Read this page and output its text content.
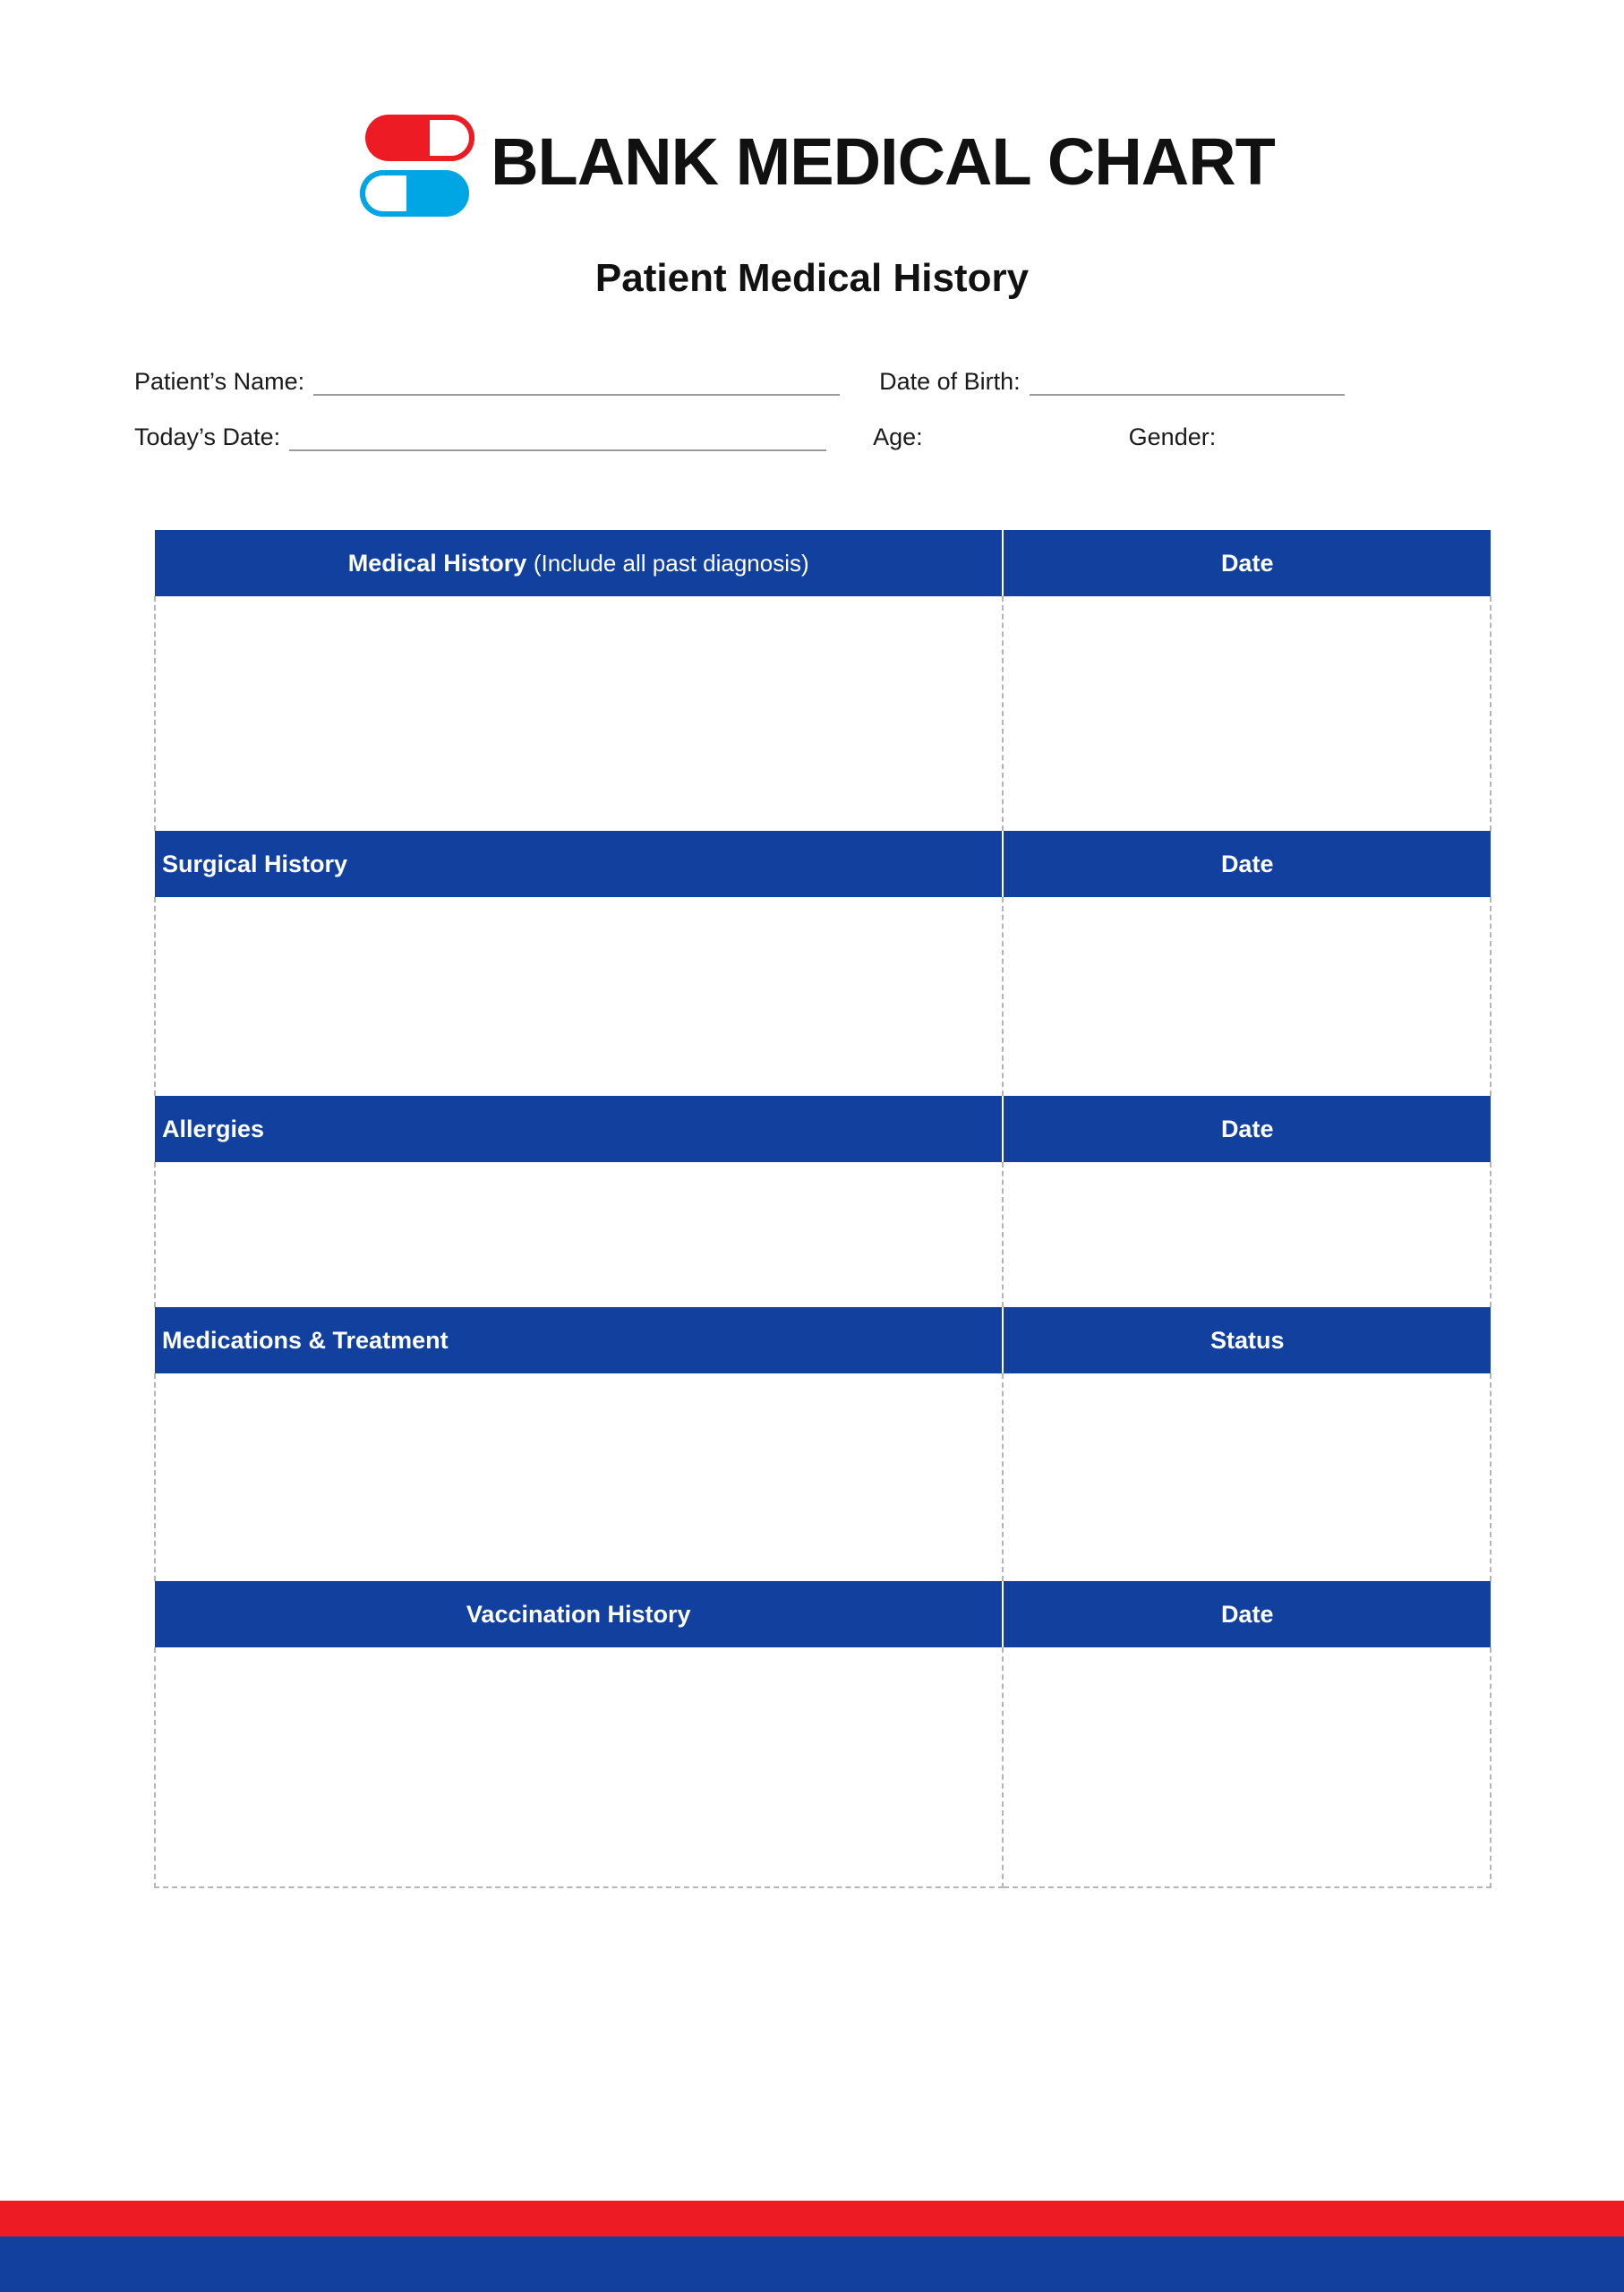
BLANK MEDICAL CHART
Patient Medical History
Patient’s Name:	Date of Birth:
Today’s Date:	Age:	Gender:
Medical History (Include all past diagnosis)	Date

Surgical History	Date

Allergies	Date

Medications & Treatment	Status

Vaccination History	Date
